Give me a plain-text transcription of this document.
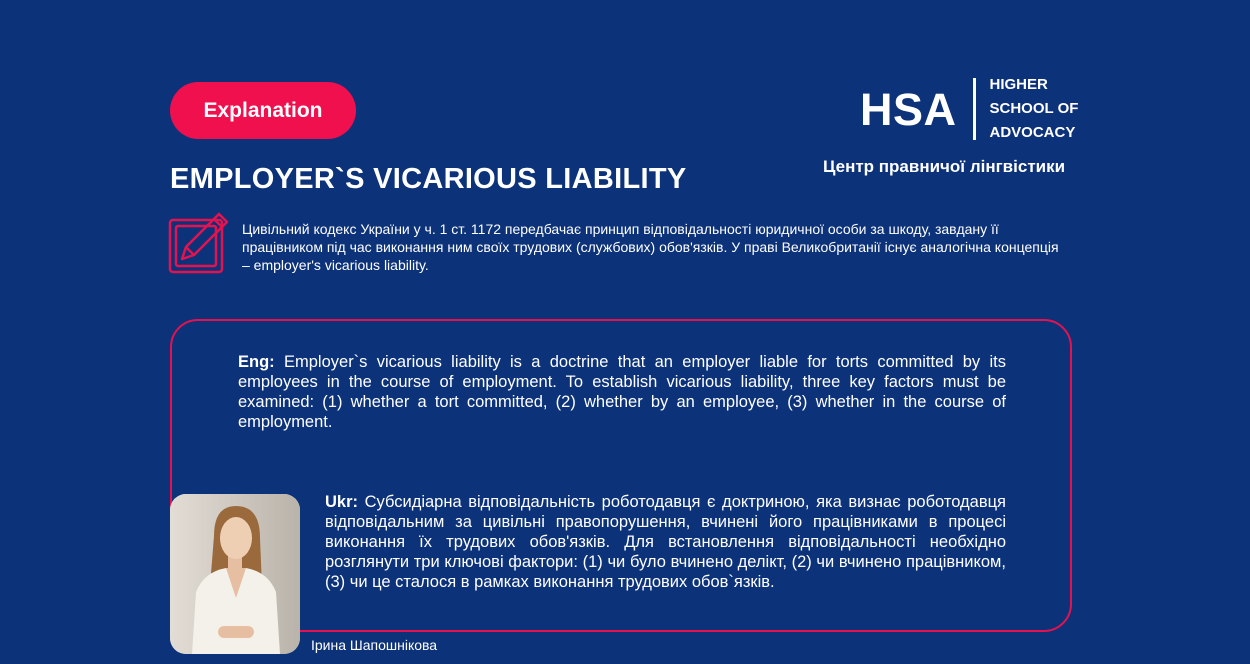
Explanation
EMPLOYER`S VICARIOUS LIABILITY
HSA HIGHER
SCHOOL OF
ADVOCACY
Центр правничої лінгвістики
Цивільний кодекс України у ч. 1 ст. 1172 передбачає принцип відповідальності юридичної особи за шкоду, завдану її працівником під час виконання ним своїх трудових (службових) обов'язків. У праві Великобританії існує аналогічна концепція – employer's vicarious liability.
Eng: Employer`s vicarious liability is a doctrine that an employer liable for torts committed by its employees in the course of employment. To establish vicarious liability, three key factors must be examined: (1) whether a tort committed, (2) whether by an employee, (3) whether in the course of employment.
Ukr: Субсидіарна відповідальність роботодавця є доктриною, яка визнає роботодавця відповідальним за цивільні правопорушення, вчинені його працівниками в процесі виконання їх трудових обов'язків. Для встановлення відповідальності необхідно розглянути три ключові фактори: (1) чи було вчинено делікт, (2) чи вчинено працівником, (3) чи це сталося в рамках виконання трудових обов`язків.
Ірина Шапошнікова
